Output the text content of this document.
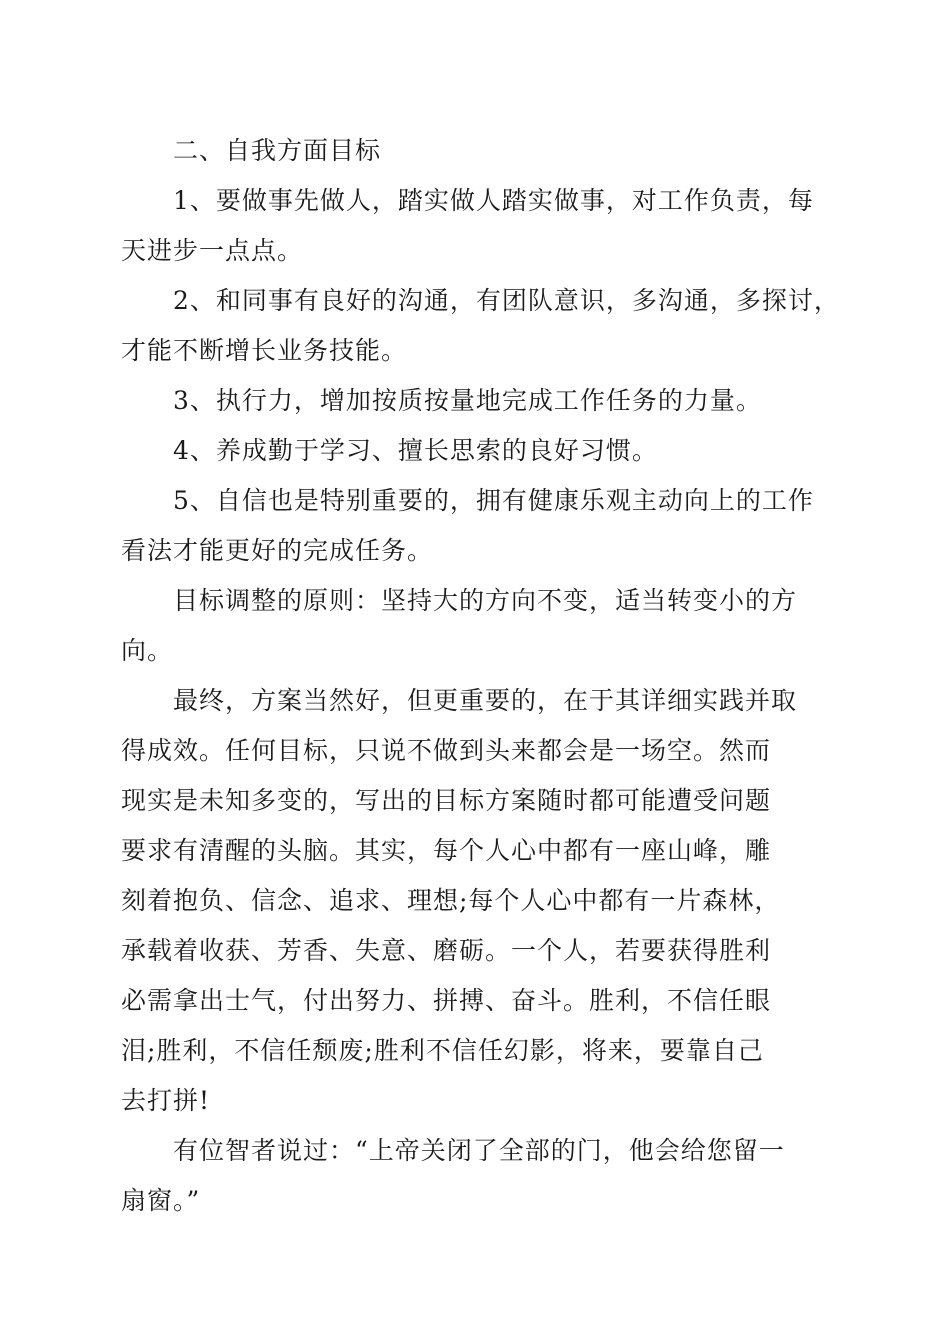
二、自我方面目标

1、要做事先做人，踏实做人踏实做事，对工作负责，每
天进步一点点。

2、和同事有良好的沟通，有团队意识，多沟通，多探讨，
才能不断增长业务技能。

3、执行力，增加按质按量地完成工作任务的力量。

4、养成勤于学习、擅长思索的良好习惯。

5、自信也是特别重要的，拥有健康乐观主动向上的工作
看法才能更好的完成任务。

目标调整的原则：坚持大的方向不变，适当转变小的方
向。

最终，方案当然好，但更重要的，在于其详细实践并取
得成效。任何目标，只说不做到头来都会是一场空。然而
现实是未知多变的，写出的目标方案随时都可能遭受问题
要求有清醒的头脑。其实，每个人心中都有一座山峰，雕
刻着抱负、信念、追求、理想;每个人心中都有一片森林，
承载着收获、芳香、失意、磨砺。一个人，若要获得胜利
必需拿出士气，付出努力、拼搏、奋斗。胜利，不信任眼
泪;胜利，不信任颓废;胜利不信任幻影，将来，要靠自己
去打拼!

有位智者说过：“上帝关闭了全部的门，他会给您留一
扇窗。”
